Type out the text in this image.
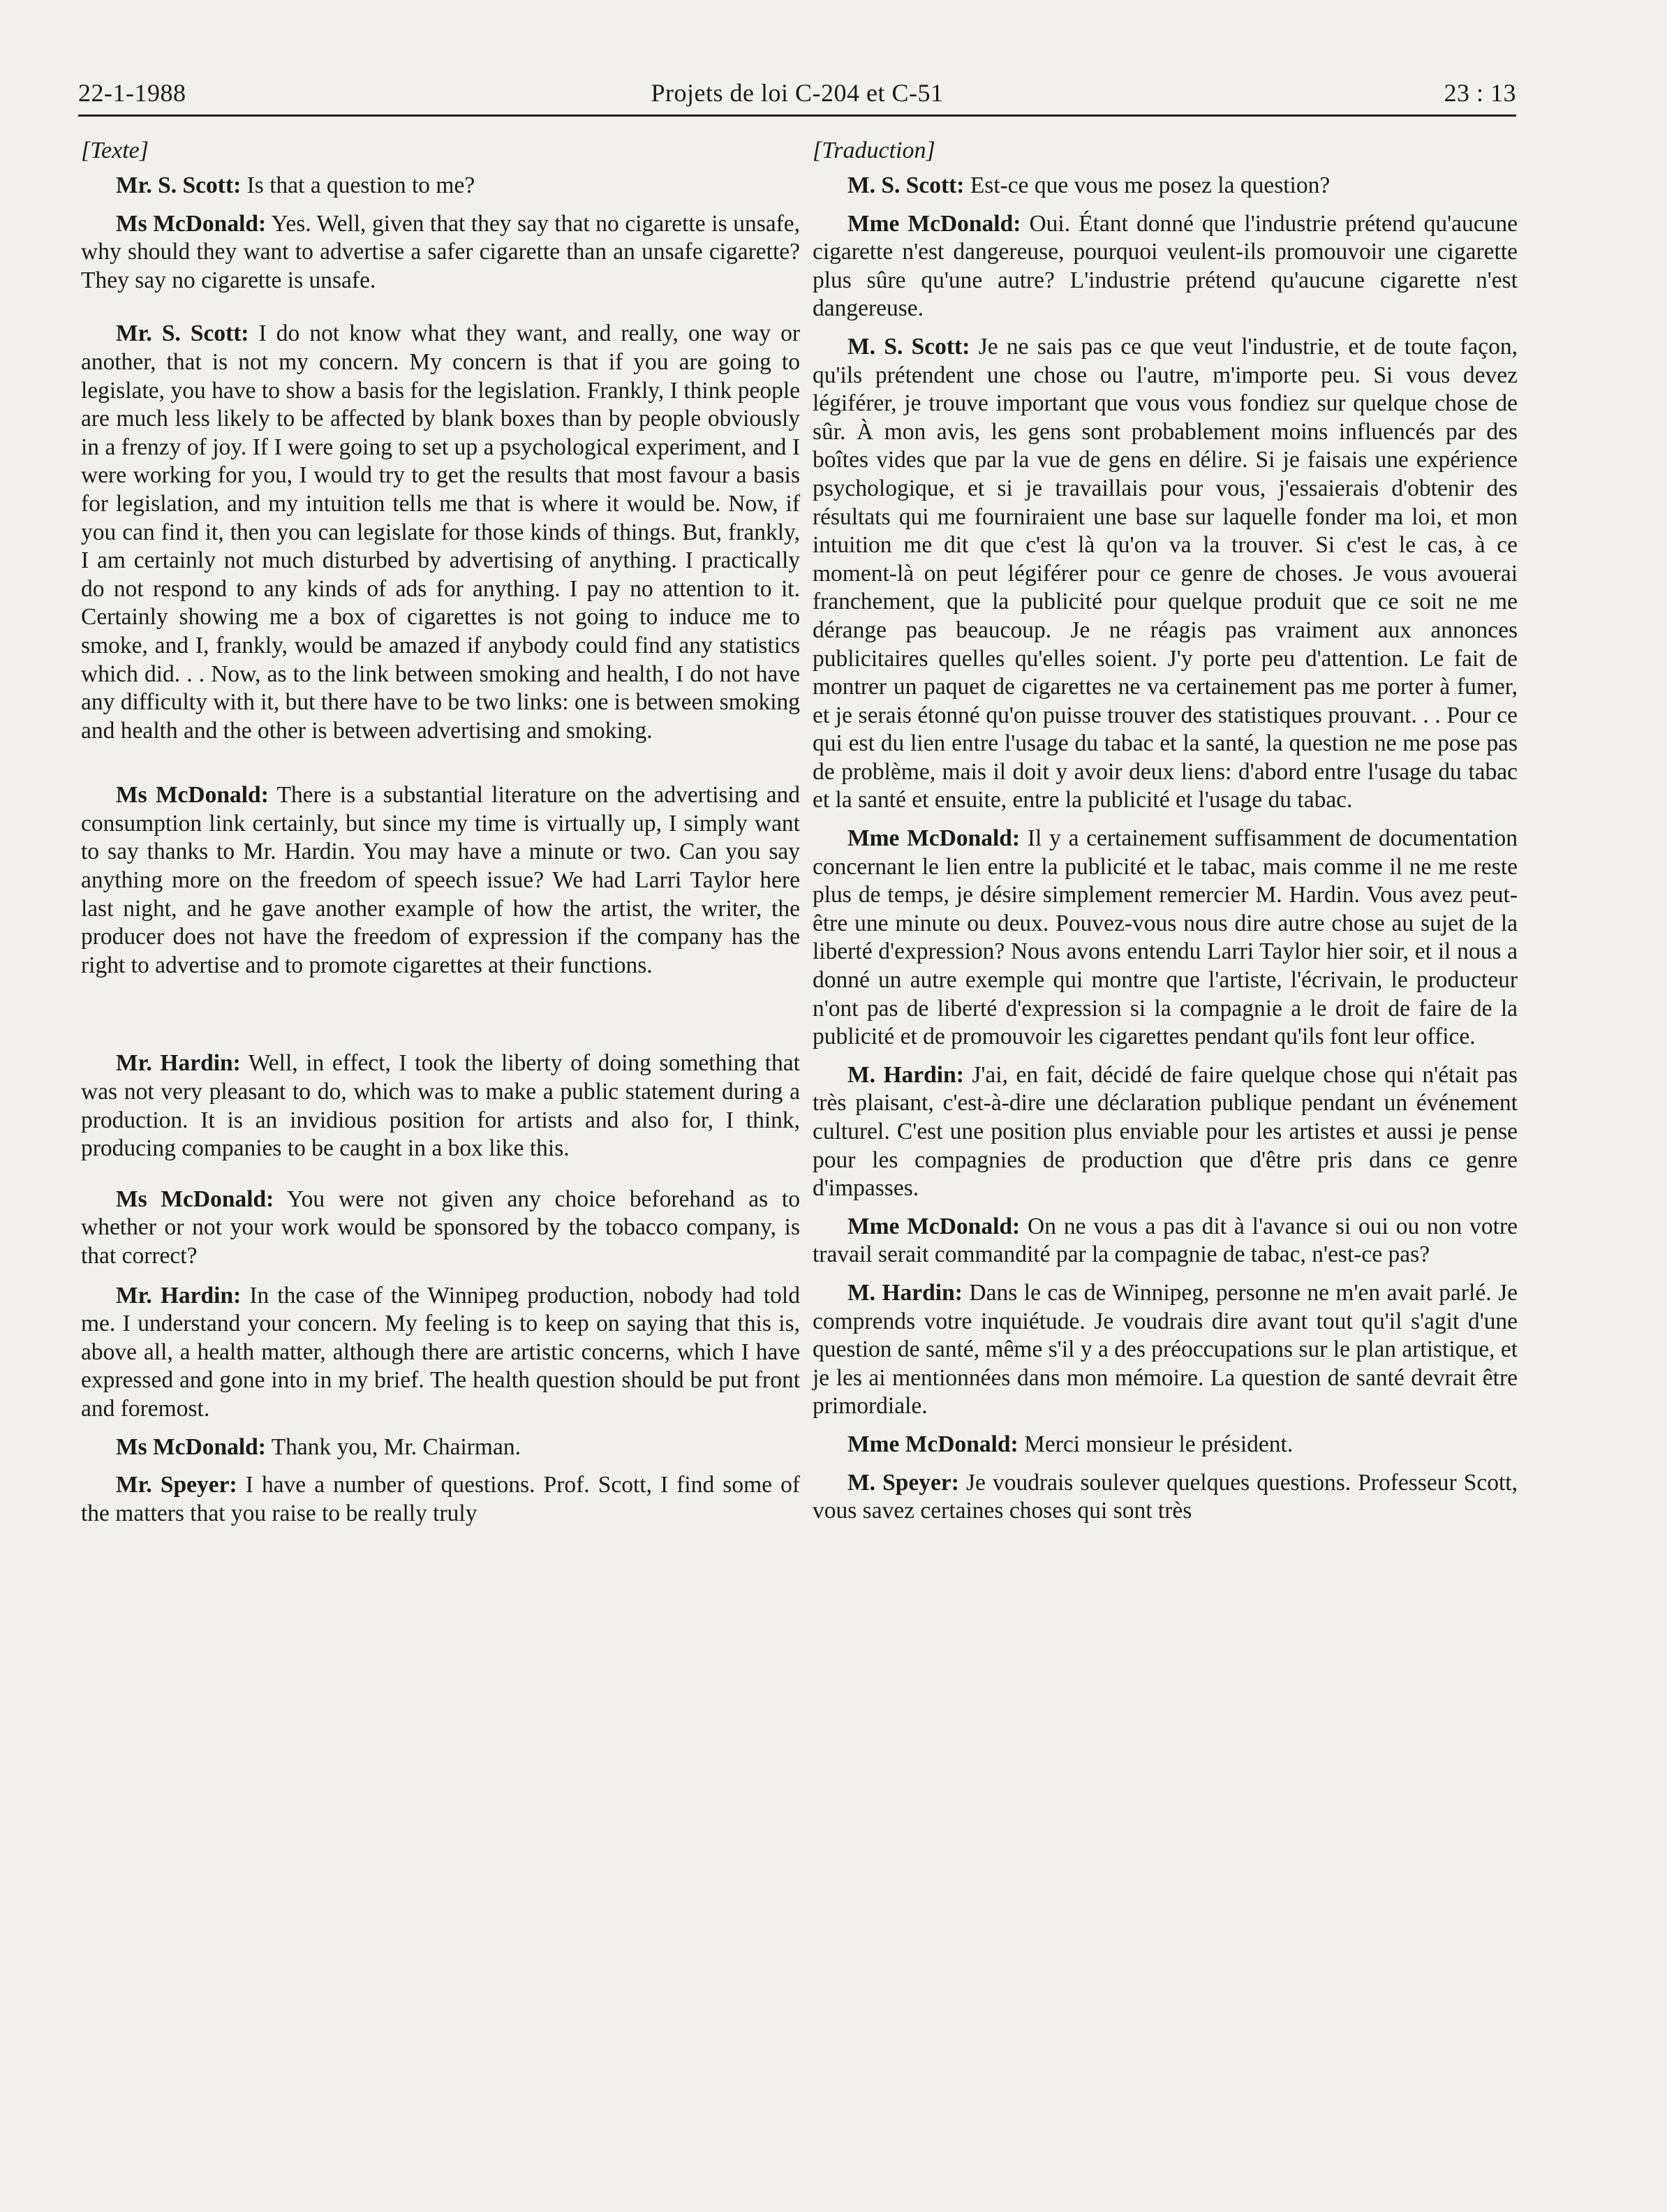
22-1-1988	Projets de loi C-204 et C-51	23 : 13
[Texte]

Mr. S. Scott: Is that a question to me?

Ms McDonald: Yes. Well, given that they say that no cigarette is unsafe, why should they want to advertise a safer cigarette than an unsafe cigarette? They say no cigarette is unsafe.

Mr. S. Scott: I do not know what they want, and really, one way or another, that is not my concern. My concern is that if you are going to legislate, you have to show a basis for the legislation. Frankly, I think people are much less likely to be affected by blank boxes than by people obviously in a frenzy of joy. If I were going to set up a psychological experiment, and I were working for you, I would try to get the results that most favour a basis for legislation, and my intuition tells me that is where it would be. Now, if you can find it, then you can legislate for those kinds of things. But, frankly, I am certainly not much disturbed by advertising of anything. I practically do not respond to any kinds of ads for anything. I pay no attention to it. Certainly showing me a box of cigarettes is not going to induce me to smoke, and I, frankly, would be amazed if anybody could find any statistics which did. . . Now, as to the link between smoking and health, I do not have any difficulty with it, but there have to be two links: one is between smoking and health and the other is between advertising and smoking.

Ms McDonald: There is a substantial literature on the advertising and consumption link certainly, but since my time is virtually up, I simply want to say thanks to Mr. Hardin. You may have a minute or two. Can you say anything more on the freedom of speech issue? We had Larri Taylor here last night, and he gave another example of how the artist, the writer, the producer does not have the freedom of expression if the company has the right to advertise and to promote cigarettes at their functions.

Mr. Hardin: Well, in effect, I took the liberty of doing something that was not very pleasant to do, which was to make a public statement during a production. It is an invidious position for artists and also for, I think, producing companies to be caught in a box like this.

Ms McDonald: You were not given any choice beforehand as to whether or not your work would be sponsored by the tobacco company, is that correct?

Mr. Hardin: In the case of the Winnipeg production, nobody had told me. I understand your concern. My feeling is to keep on saying that this is, above all, a health matter, although there are artistic concerns, which I have expressed and gone into in my brief. The health question should be put front and foremost.

Ms McDonald: Thank you, Mr. Chairman.

Mr. Speyer: I have a number of questions. Prof. Scott, I find some of the matters that you raise to be really truly

[Traduction]

M. S. Scott: Est-ce que vous me posez la question?

Mme McDonald: Oui. Étant donné que l'industrie prétend qu'aucune cigarette n'est dangereuse, pourquoi veulent-ils promouvoir une cigarette plus sûre qu'une autre? L'industrie prétend qu'aucune cigarette n'est dangereuse.

M. S. Scott: Je ne sais pas ce que veut l'industrie, et de toute façon, qu'ils prétendent une chose ou l'autre, m'importe peu. Si vous devez légiférer, je trouve important que vous vous fondiez sur quelque chose de sûr. À mon avis, les gens sont probablement moins influencés par des boîtes vides que par la vue de gens en délire. Si je faisais une expérience psychologique, et si je travaillais pour vous, j'essaierais d'obtenir des résultats qui me fourniraient une base sur laquelle fonder ma loi, et mon intuition me dit que c'est là qu'on va la trouver. Si c'est le cas, à ce moment-là on peut légiférer pour ce genre de choses. Je vous avouerai franchement, que la publicité pour quelque produit que ce soit ne me dérange pas beaucoup. Je ne réagis pas vraiment aux annonces publicitaires quelles qu'elles soient. J'y porte peu d'attention. Le fait de montrer un paquet de cigarettes ne va certainement pas me porter à fumer, et je serais étonné qu'on puisse trouver des statistiques prouvant. . . Pour ce qui est du lien entre l'usage du tabac et la santé, la question ne me pose pas de problème, mais il doit y avoir deux liens: d'abord entre l'usage du tabac et la santé et ensuite, entre la publicité et l'usage du tabac.

Mme McDonald: Il y a certainement suffisamment de documentation concernant le lien entre la publicité et le tabac, mais comme il ne me reste plus de temps, je désire simplement remercier M. Hardin. Vous avez peut-être une minute ou deux. Pouvez-vous nous dire autre chose au sujet de la liberté d'expression? Nous avons entendu Larri Taylor hier soir, et il nous a donné un autre exemple qui montre que l'artiste, l'écrivain, le producteur n'ont pas de liberté d'expression si la compagnie a le droit de faire de la publicité et de promouvoir les cigarettes pendant qu'ils font leur office.

M. Hardin: J'ai, en fait, décidé de faire quelque chose qui n'était pas très plaisant, c'est-à-dire une déclaration publique pendant un événement culturel. C'est une position plus enviable pour les artistes et aussi je pense pour les compagnies de production que d'être pris dans ce genre d'impasses.

Mme McDonald: On ne vous a pas dit à l'avance si oui ou non votre travail serait commandité par la compagnie de tabac, n'est-ce pas?

M. Hardin: Dans le cas de Winnipeg, personne ne m'en avait parlé. Je comprends votre inquiétude. Je voudrais dire avant tout qu'il s'agit d'une question de santé, même s'il y a des préoccupations sur le plan artistique, et je les ai mentionnées dans mon mémoire. La question de santé devrait être primordiale.

Mme McDonald: Merci monsieur le président.

M. Speyer: Je voudrais soulever quelques questions. Professeur Scott, vous savez certaines choses qui sont très
